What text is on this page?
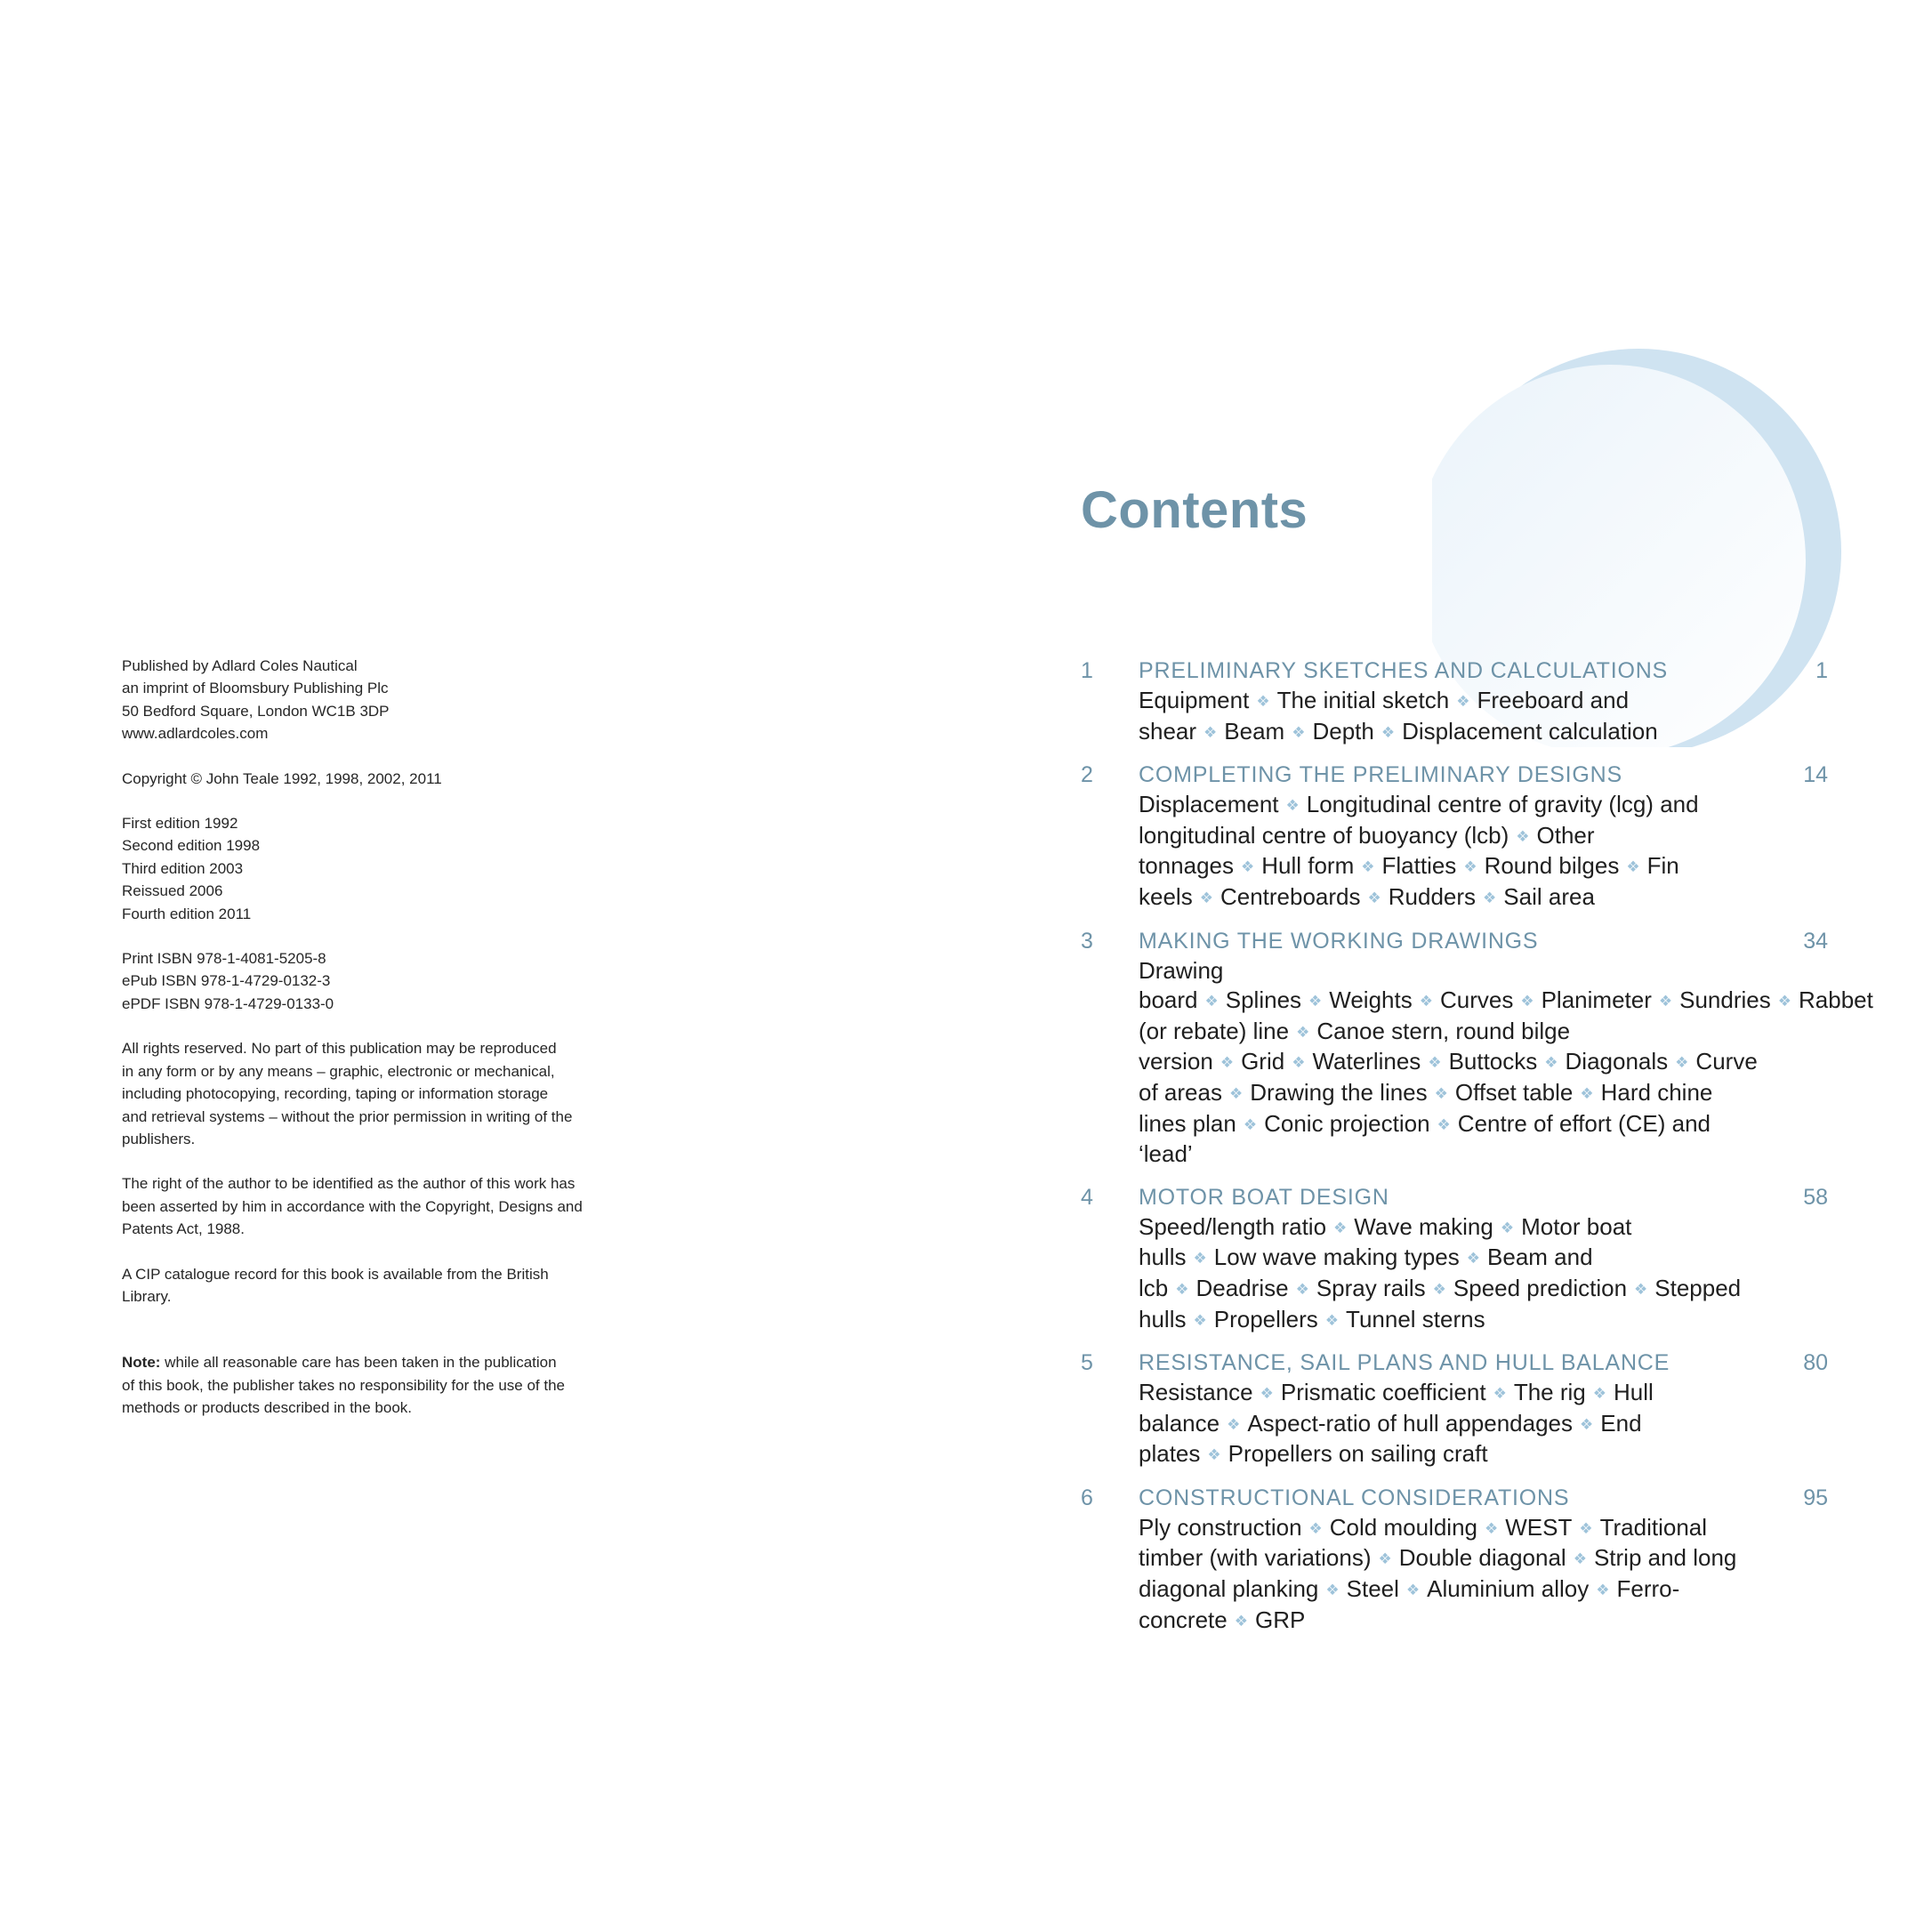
Published by Adlard Coles Nautical
an imprint of Bloomsbury Publishing Plc
50 Bedford Square, London WC1B 3DP
www.adlardcoles.com
Copyright © John Teale 1992, 1998, 2002, 2011
First edition 1992
Second edition 1998
Third edition 2003
Reissued 2006
Fourth edition 2011
Print ISBN 978-1-4081-5205-8
ePub ISBN 978-1-4729-0132-3
ePDF ISBN 978-1-4729-0133-0
All rights reserved. No part of this publication may be reproduced
in any form or by any means – graphic, electronic or mechanical,
including photocopying, recording, taping or information storage
and retrieval systems – without the prior permission in writing of the
publishers.
The right of the author to be identified as the author of this work has
been asserted by him in accordance with the Copyright, Designs and
Patents Act, 1988.
A CIP catalogue record for this book is available from the British
Library.
Note: while all reasonable care has been taken in the publication
of this book, the publisher takes no responsibility for the use of the
methods or products described in the book.
Contents
1	1
PRELIMINARY SKETCHES AND CALCULATIONS
Equipment ❖ The initial sketch ❖ Freeboard and shear ❖ Beam ❖ Depth ❖ Displacement calculation
2	14
COMPLETING THE PRELIMINARY DESIGNS
Displacement ❖ Longitudinal centre of gravity (lcg) and longitudinal centre of buoyancy (lcb) ❖ Other tonnages ❖ Hull form ❖ Flatties ❖ Round bilges ❖ Fin keels ❖ Centreboards ❖ Rudders ❖ Sail area
3	34
MAKING THE WORKING DRAWINGS
Drawing board ❖ Splines ❖ Weights ❖ Curves ❖ Planimeter ❖ Sundries ❖ Rabbet (or rebate) line ❖ Canoe stern, round bilge version ❖ Grid ❖ Waterlines ❖ Buttocks ❖ Diagonals ❖ Curve of areas ❖ Drawing the lines ❖ Offset table ❖ Hard chine lines plan ❖ Conic projection ❖ Centre of effort (CE) and ‘lead’
4	58
MOTOR BOAT DESIGN
Speed/length ratio ❖ Wave making ❖ Motor boat hulls ❖ Low wave making types ❖ Beam and lcb ❖ Deadrise ❖ Spray rails ❖ Speed prediction ❖ Stepped hulls ❖ Propellers ❖ Tunnel sterns
5	80
RESISTANCE, SAIL PLANS AND HULL BALANCE
Resistance ❖ Prismatic coefficient ❖ The rig ❖ Hull balance ❖ Aspect-ratio of hull appendages ❖ End plates ❖ Propellers on sailing craft
6	95
CONSTRUCTIONAL CONSIDERATIONS
Ply construction ❖ Cold moulding ❖ WEST ❖ Traditional timber (with variations) ❖ Double diagonal ❖ Strip and long diagonal planking ❖ Steel ❖ Aluminium alloy ❖ Ferro-concrete ❖ GRP
